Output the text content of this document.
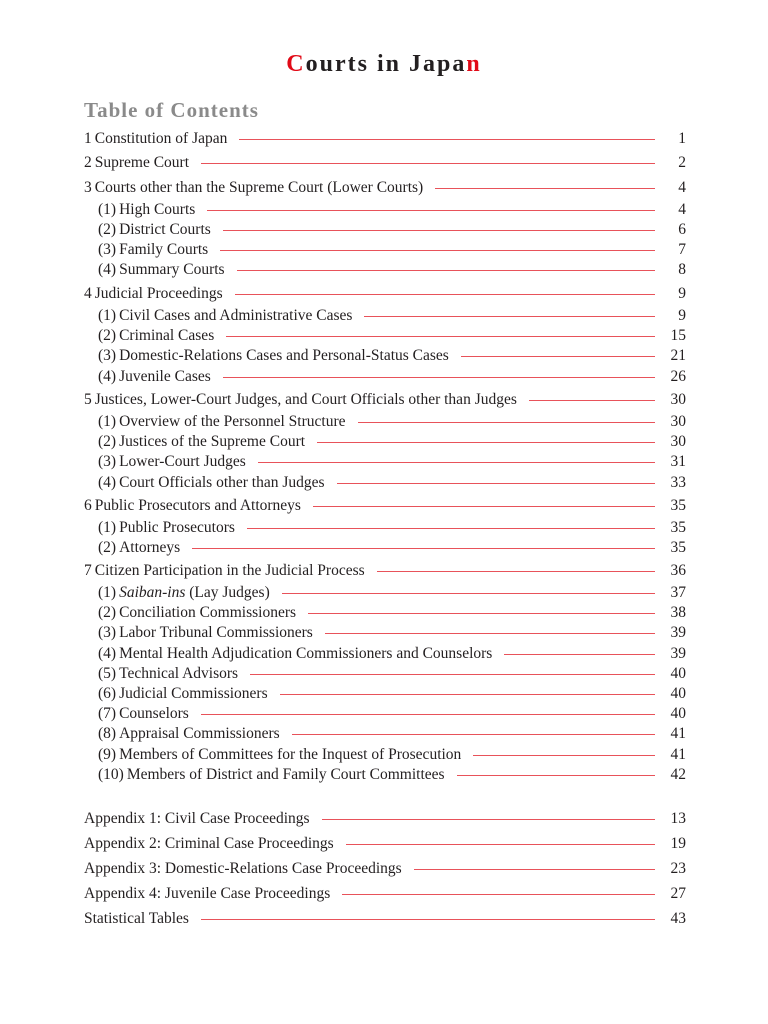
Courts in Japan
Table of Contents
1 Constitution of Japan	1
2 Supreme Court	2
3 Courts other than the Supreme Court (Lower Courts)	4
(1) High Courts	4
(2) District Courts	6
(3) Family Courts	7
(4) Summary Courts	8
4 Judicial Proceedings	9
(1) Civil Cases and Administrative Cases	9
(2) Criminal Cases	15
(3) Domestic-Relations Cases and Personal-Status Cases	21
(4) Juvenile Cases	26
5 Justices, Lower-Court Judges, and Court Officials other than Judges	30
(1) Overview of the Personnel Structure	30
(2) Justices of the Supreme Court	30
(3) Lower-Court Judges	31
(4) Court Officials other than Judges	33
6 Public Prosecutors and Attorneys	35
(1) Public Prosecutors	35
(2) Attorneys	35
7 Citizen Participation in the Judicial Process	36
(1) Saiban-ins (Lay Judges)	37
(2) Conciliation Commissioners	38
(3) Labor Tribunal Commissioners	39
(4) Mental Health Adjudication Commissioners and Counselors	39
(5) Technical Advisors	40
(6) Judicial Commissioners	40
(7) Counselors	40
(8) Appraisal Commissioners	41
(9) Members of Committees for the Inquest of Prosecution	41
(10) Members of District and Family Court Committees	42
Appendix 1: Civil Case Proceedings	13
Appendix 2: Criminal Case Proceedings	19
Appendix 3: Domestic-Relations Case Proceedings	23
Appendix 4: Juvenile Case Proceedings	27
Statistical Tables	43
